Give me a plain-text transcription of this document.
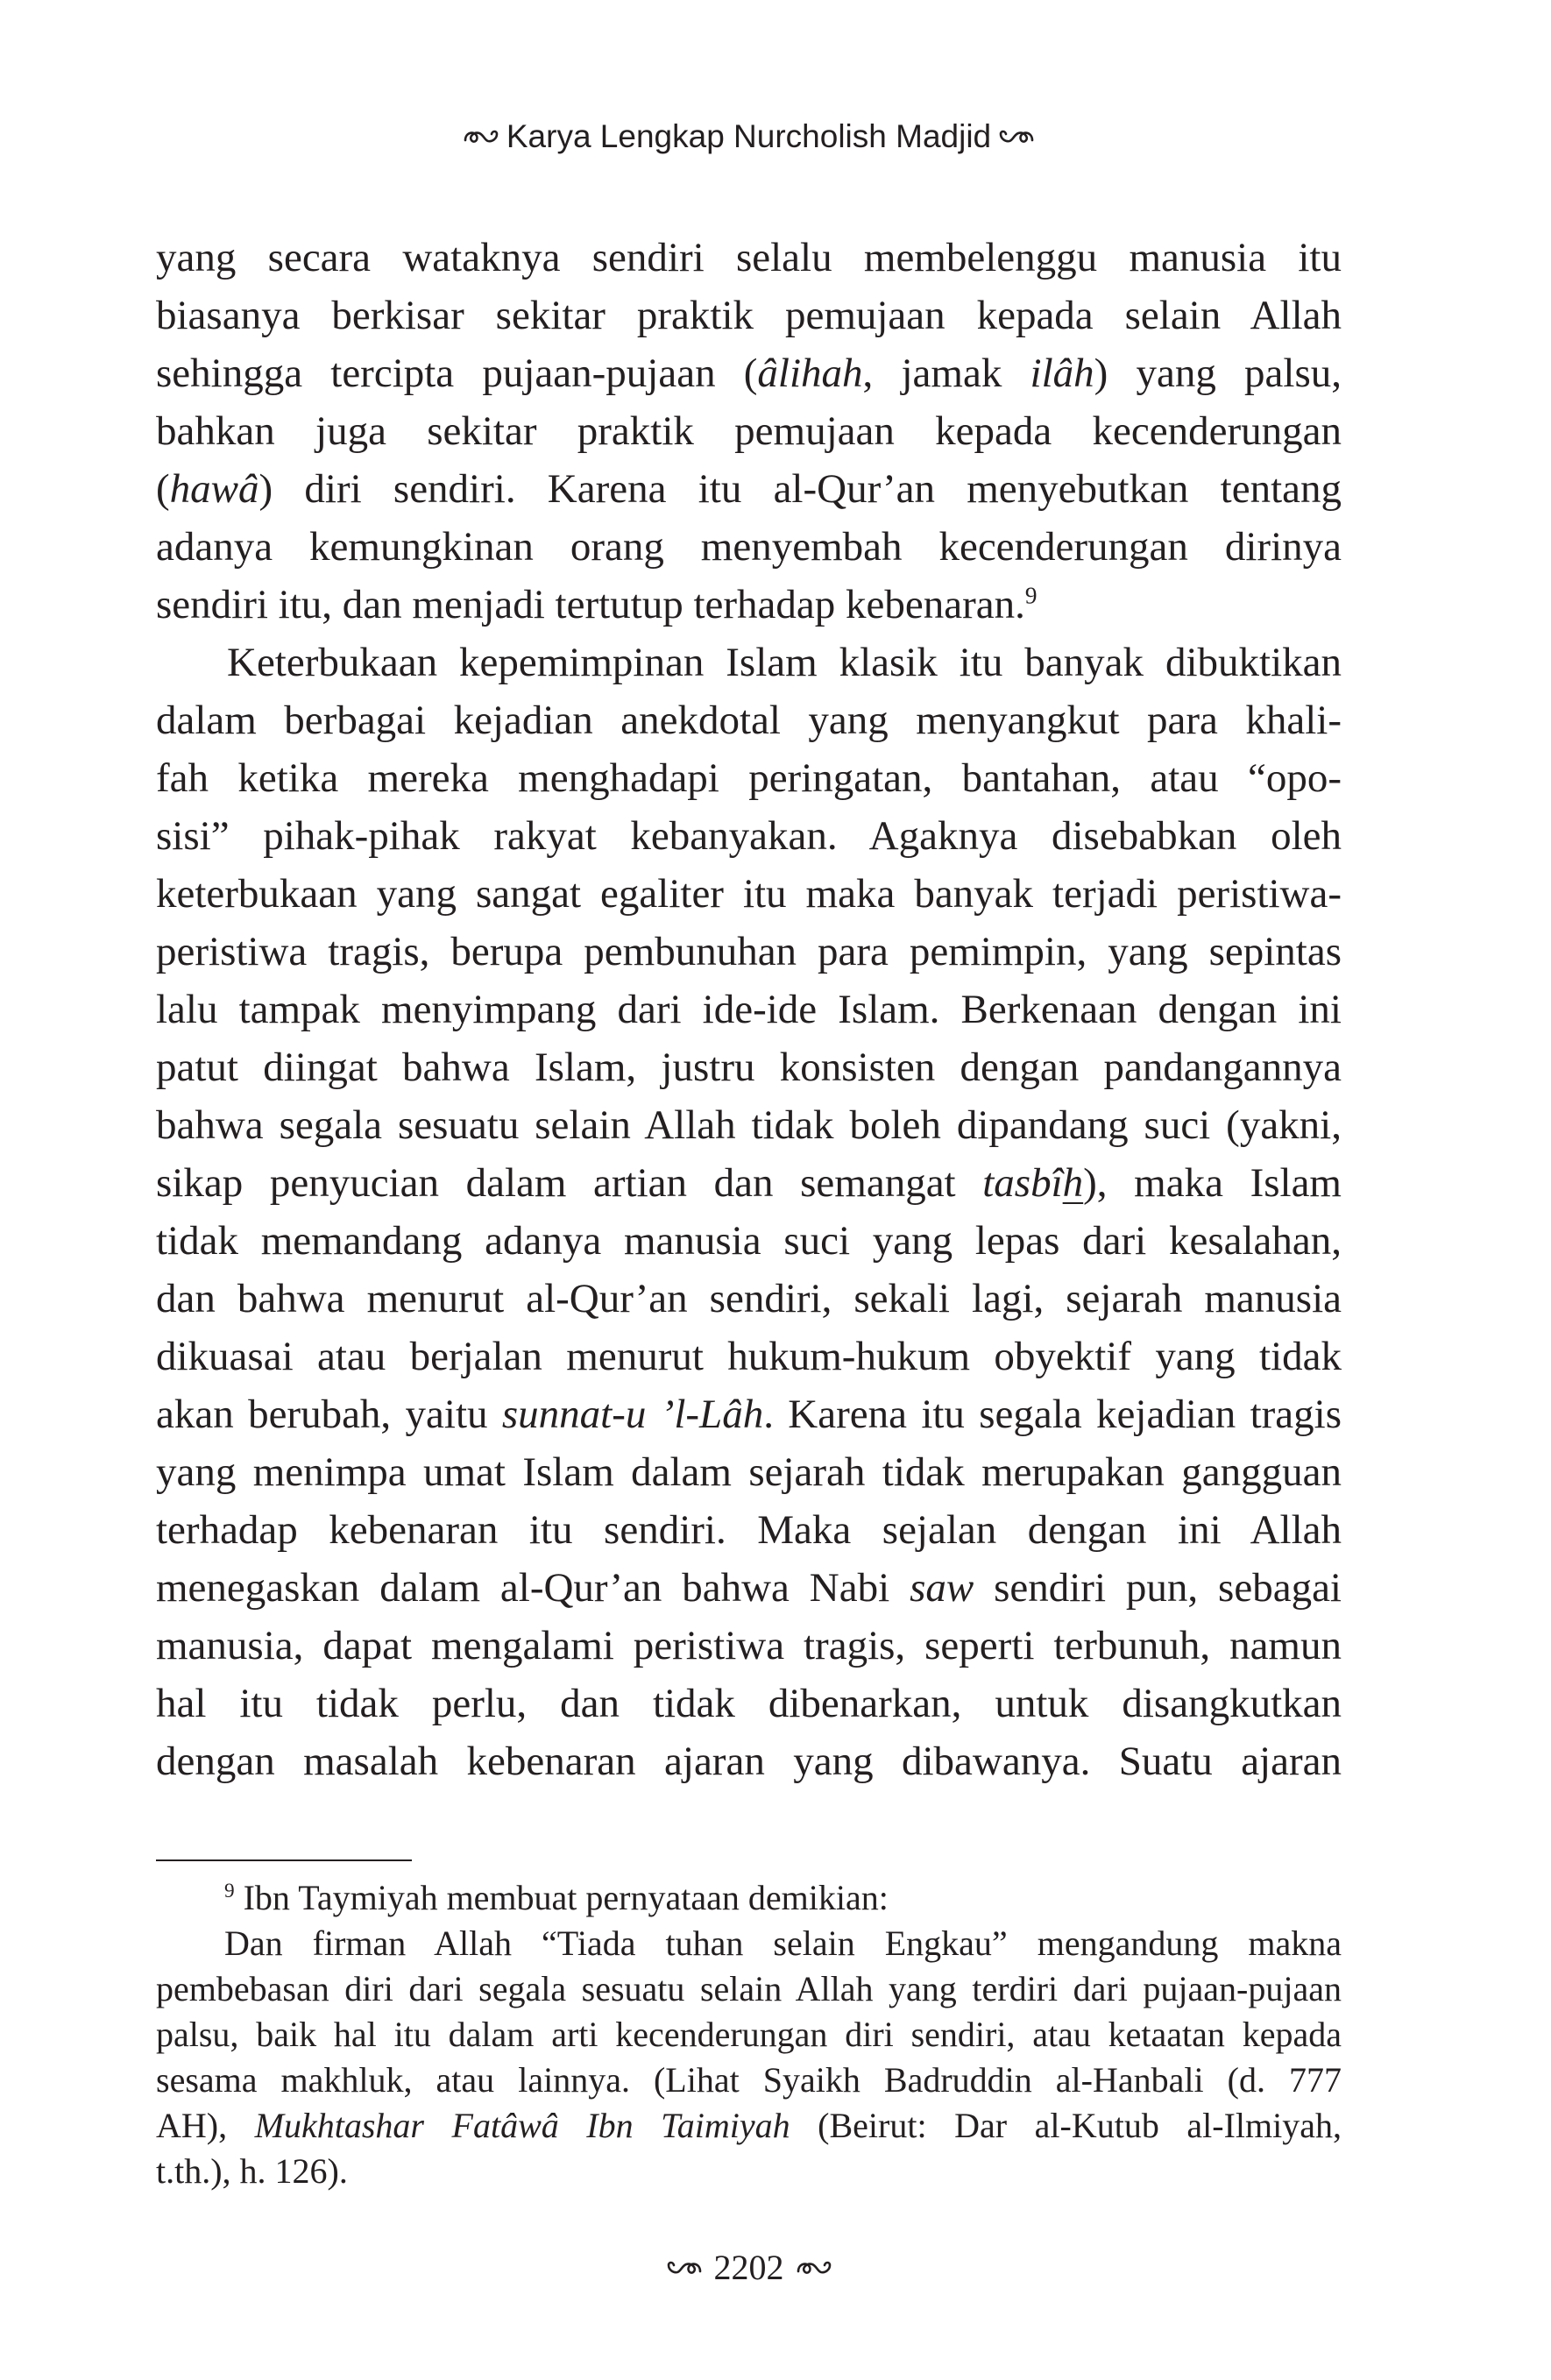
Karya Lengkap Nurcholish Madjid
yang secara wataknya sendiri selalu membelenggu manusia itu
biasanya berkisar sekitar praktik pemujaan kepada selain Allah
sehingga tercipta pujaan-pujaan (âlihah, jamak ilâh) yang palsu,
bahkan juga sekitar praktik pemujaan kepada kecenderungan
(hawâ) diri sendiri. Karena itu al-Qur’an menyebutkan tentang
adanya kemungkinan orang menyembah kecenderungan dirinya
sendiri itu, dan menjadi tertutup terhadap kebenaran.$^9$
Keterbukaan kepemimpinan Islam klasik itu banyak dibuktikan
dalam berbagai kejadian anekdotal yang menyangkut para khali-
fah ketika mereka menghadapi peringatan, bantahan, atau “opo-
sisi” pihak-pihak rakyat kebanyakan. Agaknya disebabkan oleh
keterbukaan yang sangat egaliter itu maka banyak terjadi peristiwa-
peristiwa tragis, berupa pembunuhan para pemimpin, yang sepintas
lalu tampak menyimpang dari ide-ide Islam. Berkenaan dengan ini
patut diingat bahwa Islam, justru konsisten dengan pandangannya
bahwa segala sesuatu selain Allah tidak boleh dipandang suci (yakni,
sikap penyucian dalam artian dan semangat tasbîh), maka Islam
tidak memandang adanya manusia suci yang lepas dari kesalahan,
dan bahwa menurut al-Qur’an sendiri, sekali lagi, sejarah manusia
dikuasai atau berjalan menurut hukum-hukum obyektif yang tidak
akan berubah, yaitu sunnat-u ’l-Lâh. Karena itu segala kejadian tragis
yang menimpa umat Islam dalam sejarah tidak merupakan gangguan
terhadap kebenaran itu sendiri. Maka sejalan dengan ini Allah
menegaskan dalam al-Qur’an bahwa Nabi saw sendiri pun, sebagai
manusia, dapat mengalami peristiwa tragis, seperti terbunuh, namun
hal itu tidak perlu, dan tidak dibenarkan, untuk disangkutkan
dengan masalah kebenaran ajaran yang dibawanya. Suatu ajaran
$^9$ Ibn Taymiyah membuat pernyataan demikian:
Dan firman Allah “Tiada tuhan selain Engkau” mengandung makna
pembebasan diri dari segala sesuatu selain Allah yang terdiri dari pujaan-pujaan
palsu, baik hal itu dalam arti kecenderungan diri sendiri, atau ketaatan kepada
sesama makhluk, atau lainnya. (Lihat Syaikh Badruddin al-Hanbali (d. 777
AH), Mukhtashar Fatâwâ Ibn Taimiyah (Beirut: Dar al-Kutub al-Ilmiyah,
t.th.), h. 126).
2202
